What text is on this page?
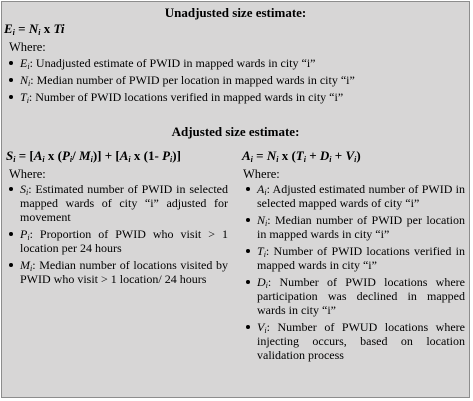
Unadjusted size estimate:
$E_i = N_i$ x Ti
Where:
$E_i$: Unadjusted estimate of PWID in mapped wards in city “i”
$N_i$: Median number of PWID per location in mapped wards in city “i”
$T_i$: Number of PWID locations verified in mapped wards in city “i”
Adjusted size estimate:
$S_i = [A_i$ x ($P_i/$ $M_i)] + [A_i$ x (1- $P_i$)]
Where:
$S_i$: Estimated number of PWID in selected mapped wards of city “i” adjusted for movement
$P_i$: Proportion of PWID who visit > 1 location per 24 hours
$M_i$: Median number of locations visited by PWID who visit > 1 location/ 24 hours
$A_i = N_i$ x $(T_i + D_i + V_i)$
Where:
$A_i$: Adjusted estimated number of PWID in selected mapped wards of city “i”
$N_i$: Median number of PWID per location in mapped wards in city “i”
$T_i$: Number of PWID locations verified in mapped wards in city “i”
$D_i$: Number of PWID locations where participation was declined in mapped wards in city “i”
$V_i$: Number of PWUD locations where injecting occurs, based on location validation process
